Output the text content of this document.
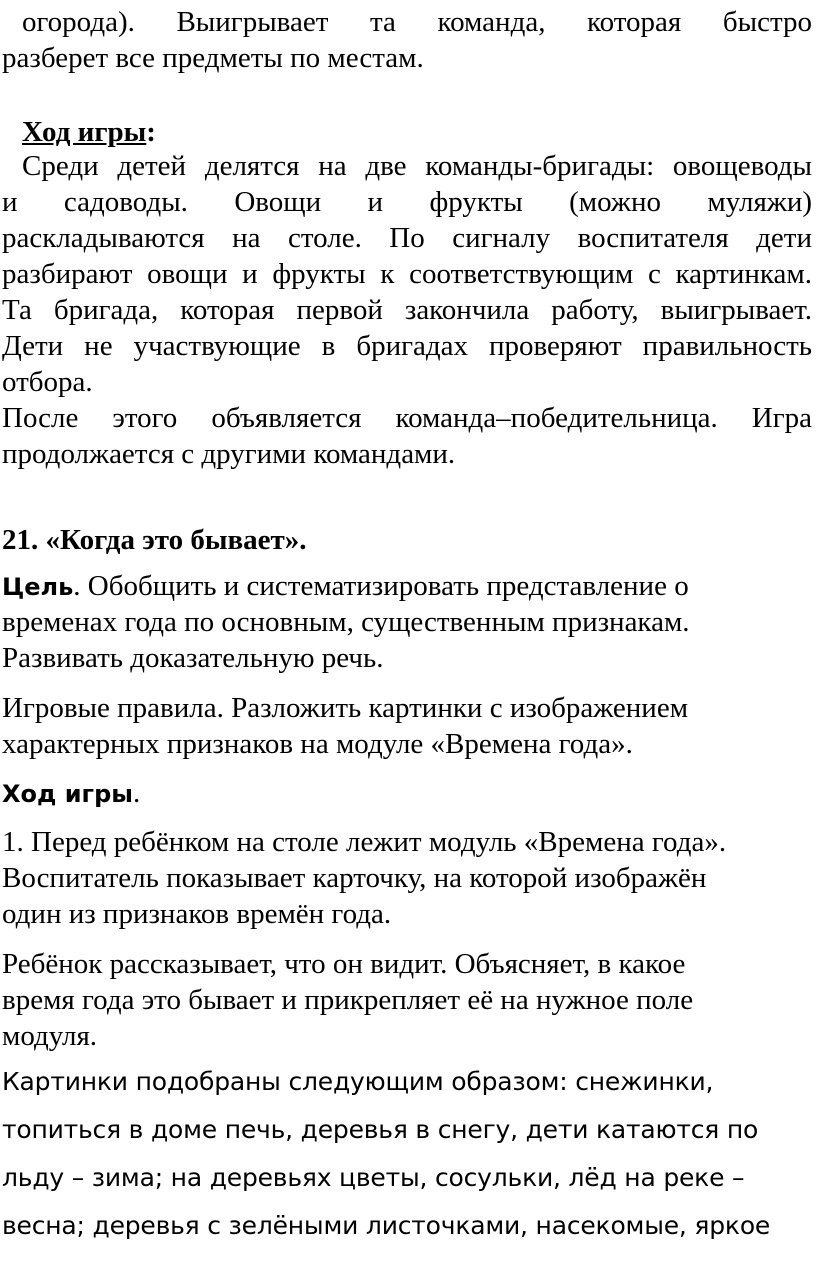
огорода). Выигрывает та команда, которая быстро

разберет все предметы по местам.

Ход игры:

Среди детей делятся на две команды-бригады: овощеводы

и садоводы. Овощи и фрукты (можно муляжи)

раскладываются на столе. По сигналу воспитателя дети

разбирают овощи и фрукты к соответствующим с картинкам.

Та бригада, которая первой закончила работу, выигрывает.

Дети не участвующие в бригадах проверяют правильность

отбора.

После этого объявляется команда–победительница. Игра

продолжается с другими командами.

21. «Когда это бывает».

Цель. Обобщить и систематизировать представление о

временах года по основным, существенным признакам.

Развивать доказательную речь.

Игровые правила. Разложить картинки с изображением

характерных признаков на модуле «Времена года».

Ход игры.

1. Перед ребёнком на столе лежит модуль «Времена года».

Воспитатель показывает карточку, на которой изображён

один из признаков времён года.

Ребёнок рассказывает, что он видит. Объясняет, в какое

время года это бывает и прикрепляет её на нужное поле

модуля.

Картинки подобраны следующим образом: снежинки,

топиться в доме печь, деревья в снегу, дети катаются по

льду – зима; на деревьях цветы, сосульки, лёд на реке –

весна; деревья с зелёными листочками, насекомые, яркое
